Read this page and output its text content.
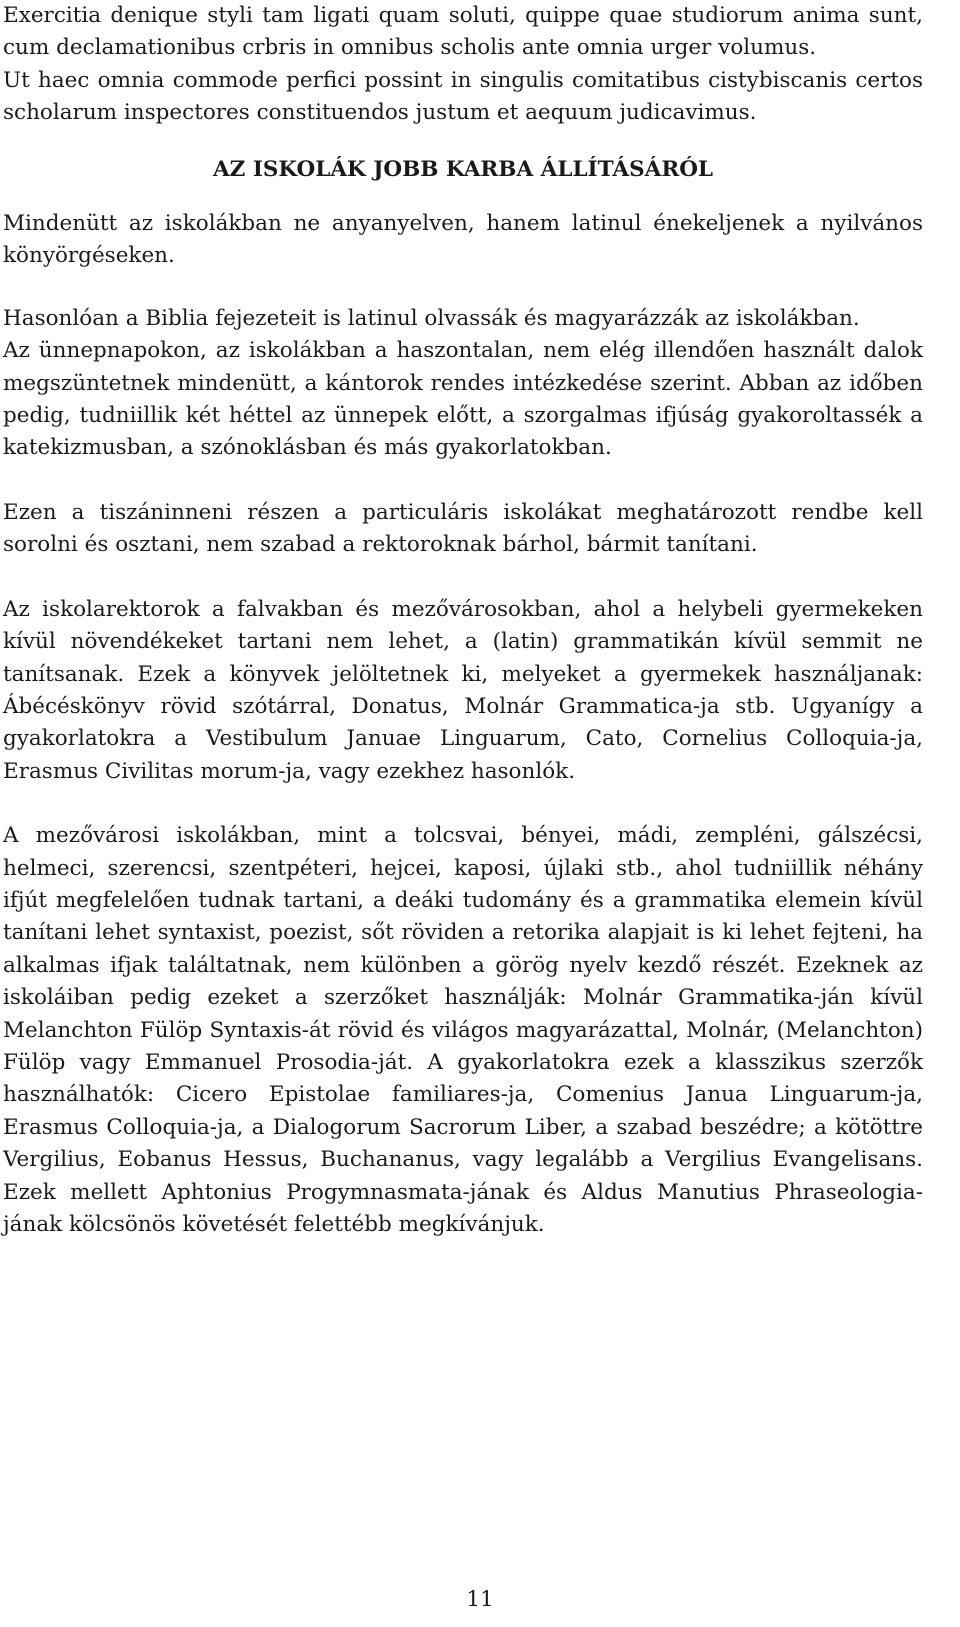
Exercitia denique styli tam ligati quam soluti, quippe quae studiorum anima sunt, cum declamationibus crbris in omnibus scholis ante omnia urger volumus.

Ut haec omnia commode perfici possint in singulis comitatibus cistybiscanis certos scholarum inspectores constituendos justum et aequum judicavimus.

AZ ISKOLÁK JOBB KARBA ÁLLÍTÁSÁRÓL

Mindenütt az iskolákban ne anyanyelven, hanem latinul énekeljenek a nyilvános könyörgéseken.

Hasonlóan a Biblia fejezeteit is latinul olvassák és magyarázzák az iskolákban.

Az ünnepnapokon, az iskolákban a haszontalan, nem elég illendően használt dalok megszüntetnek mindenütt, a kántorok rendes intézkedése szerint. Abban az időben pedig, tudniillik két héttel az ünnepek előtt, a szorgalmas ifjúság gyakoroltassék a katekizmusban, a szónoklásban és más gyakorlatokban.

Ezen a tiszáninneni részen a particuláris iskolákat meghatározott rendbe kell sorolni és osztani, nem szabad a rektoroknak bárhol, bármit tanítani.

Az iskolarektorok a falvakban és mezővárosokban, ahol a helybeli gyermekeken kívül növendékeket tartani nem lehet, a (latin) grammatikán kívül semmit ne tanítsanak. Ezek a könyvek jelöltetnek ki, melyeket a gyermekek használjanak: Ábécéskönyv rövid szótárral, Donatus, Molnár Grammatica-ja stb. Ugyanígy a gyakorlatokra a Vestibulum Januae Linguarum, Cato, Cornelius Colloquia-ja, Erasmus Civilitas morum-ja, vagy ezekhez hasonlók.

A mezővárosi iskolákban, mint a tolcsvai, bényei, mádi, zempléni, gálszécsi, helmeci, szerencsi, szentpéteri, hejcei, kaposi, újlaki stb., ahol tudniillik néhány ifjút megfelelően tudnak tartani, a deáki tudomány és a grammatika elemein kívül tanítani lehet syntaxist, poezist, sőt röviden a retorika alapjait is ki lehet fejteni, ha alkalmas ifjak találtatnak, nem különben a görög nyelv kezdő részét. Ezeknek az iskoláiban pedig ezeket a szerzőket használják: Molnár Grammatika-ján kívül Melanchton Fülöp Syntaxis-át rövid és világos magyarázattal, Molnár, (Melanchton) Fülöp vagy Emmanuel Prosodia-ját. A gyakorlatokra ezek a klasszikus szerzők használhatók: Cicero Epistolae familiares-ja, Comenius Janua Linguarum-ja, Erasmus Colloquia-ja, a Dialogorum Sacrorum Liber, a szabad beszédre; a kötöttre Vergilius, Eobanus Hessus, Buchananus, vagy legalább a Vergilius Evangelisans. Ezek mellett Aphtonius Progymnasmata-jának és Aldus Manutius Phraseologia-jának kölcsönös követését felettébb megkívánjuk.

11
